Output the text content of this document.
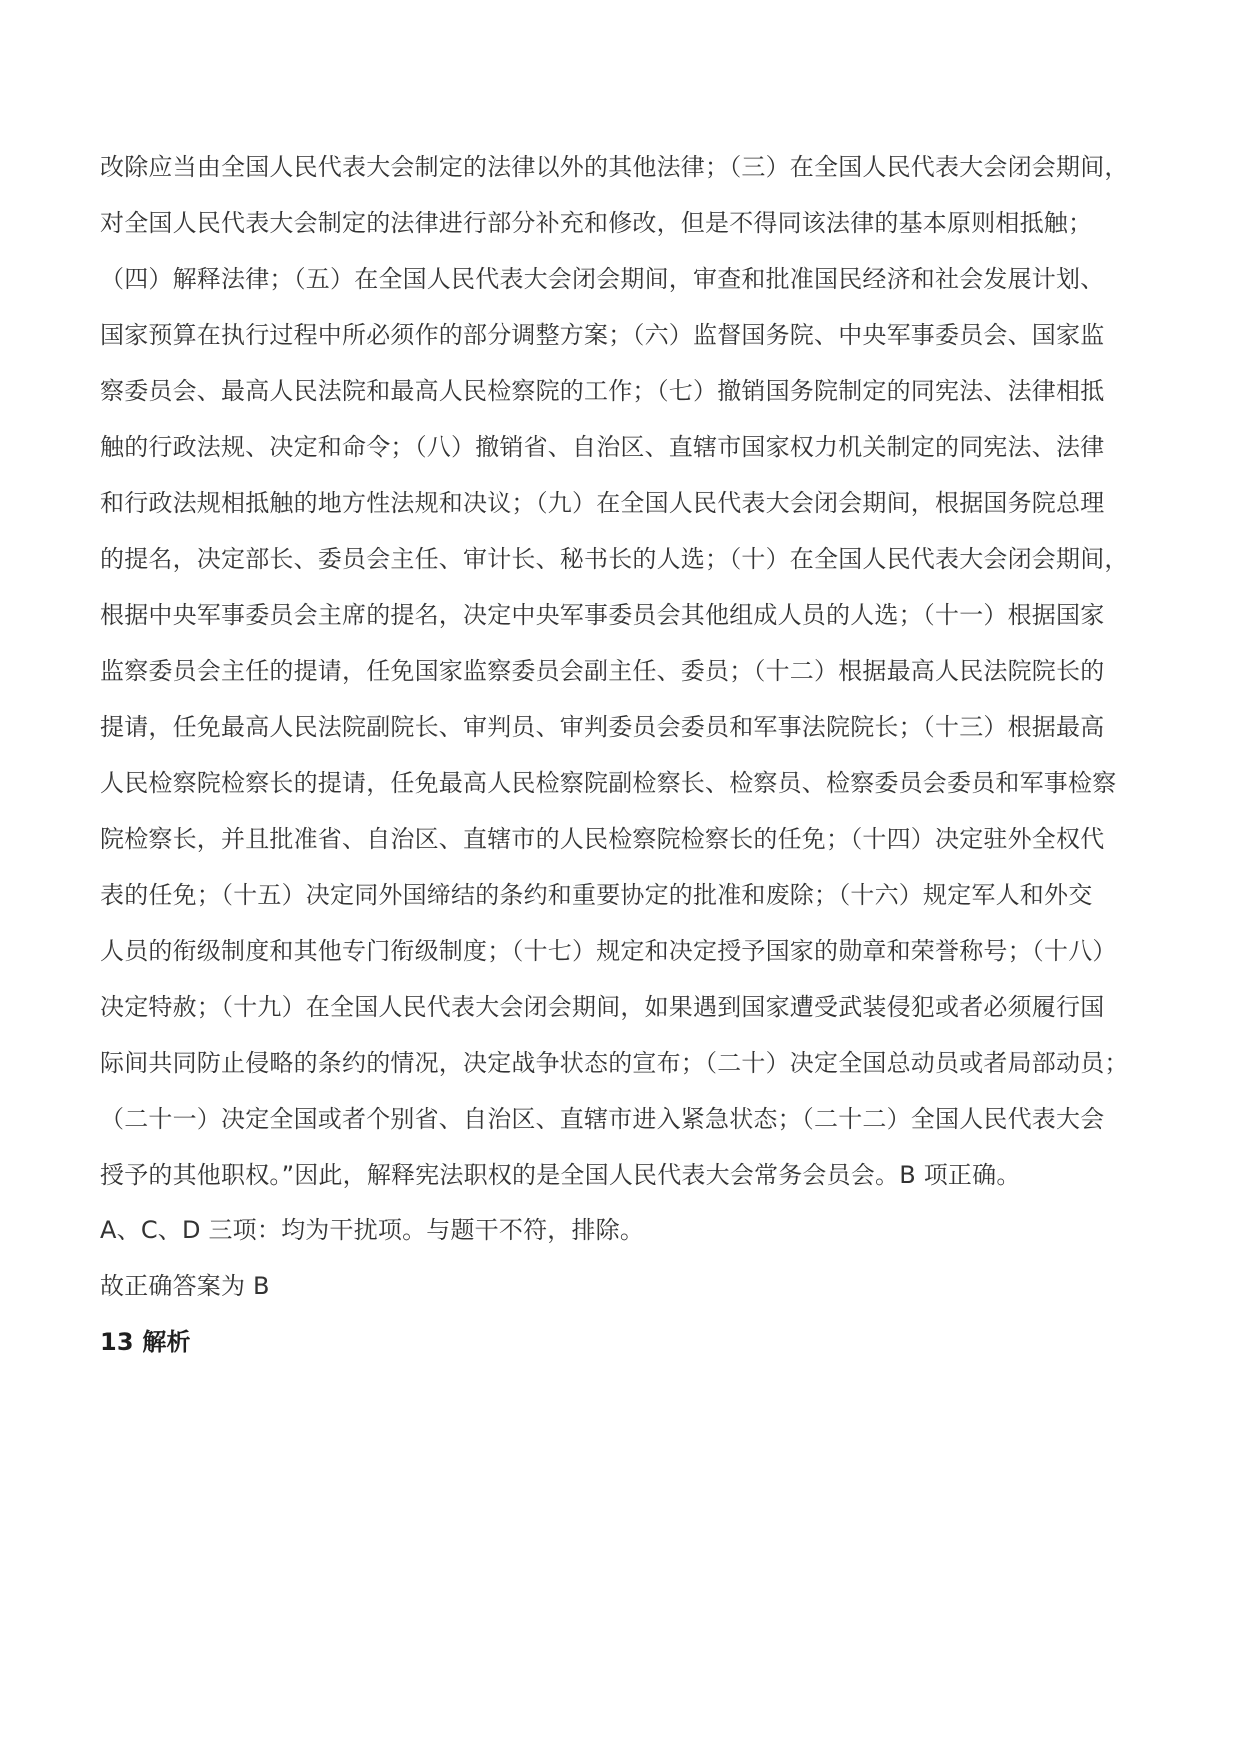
改除应当由全国人民代表大会制定的法律以外的其他法律；（三）在全国人民代表大会闭会期间，
对全国人民代表大会制定的法律进行部分补充和修改，但是不得同该法律的基本原则相抵触；
（四）解释法律；（五）在全国人民代表大会闭会期间，审查和批准国民经济和社会发展计划、
国家预算在执行过程中所必须作的部分调整方案；（六）监督国务院、中央军事委员会、国家监
察委员会、最高人民法院和最高人民检察院的工作；（七）撤销国务院制定的同宪法、法律相抵
触的行政法规、决定和命令；（八）撤销省、自治区、直辖市国家权力机关制定的同宪法、法律
和行政法规相抵触的地方性法规和决议；（九）在全国人民代表大会闭会期间，根据国务院总理
的提名，决定部长、委员会主任、审计长、秘书长的人选；（十）在全国人民代表大会闭会期间，
根据中央军事委员会主席的提名，决定中央军事委员会其他组成人员的人选；（十一）根据国家
监察委员会主任的提请，任免国家监察委员会副主任、委员；（十二）根据最高人民法院院长的
提请，任免最高人民法院副院长、审判员、审判委员会委员和军事法院院长；（十三）根据最高
人民检察院检察长的提请，任免最高人民检察院副检察长、检察员、检察委员会委员和军事检察
院检察长，并且批准省、自治区、直辖市的人民检察院检察长的任免；（十四）决定驻外全权代
表的任免；（十五）决定同外国缔结的条约和重要协定的批准和废除；（十六）规定军人和外交
人员的衔级制度和其他专门衔级制度；（十七）规定和决定授予国家的勋章和荣誉称号；（十八）
决定特赦；（十九）在全国人民代表大会闭会期间，如果遇到国家遭受武装侵犯或者必须履行国
际间共同防止侵略的条约的情况，决定战争状态的宣布；（二十）决定全国总动员或者局部动员；
（二十一）决定全国或者个别省、自治区、直辖市进入紧急状态；（二十二）全国人民代表大会
授予的其他职权。”因此，解释宪法职权的是全国人民代表大会常务会员会。B 项正确。
A、C、D 三项：均为干扰项。与题干不符，排除。
故正确答案为 B
13 解析
